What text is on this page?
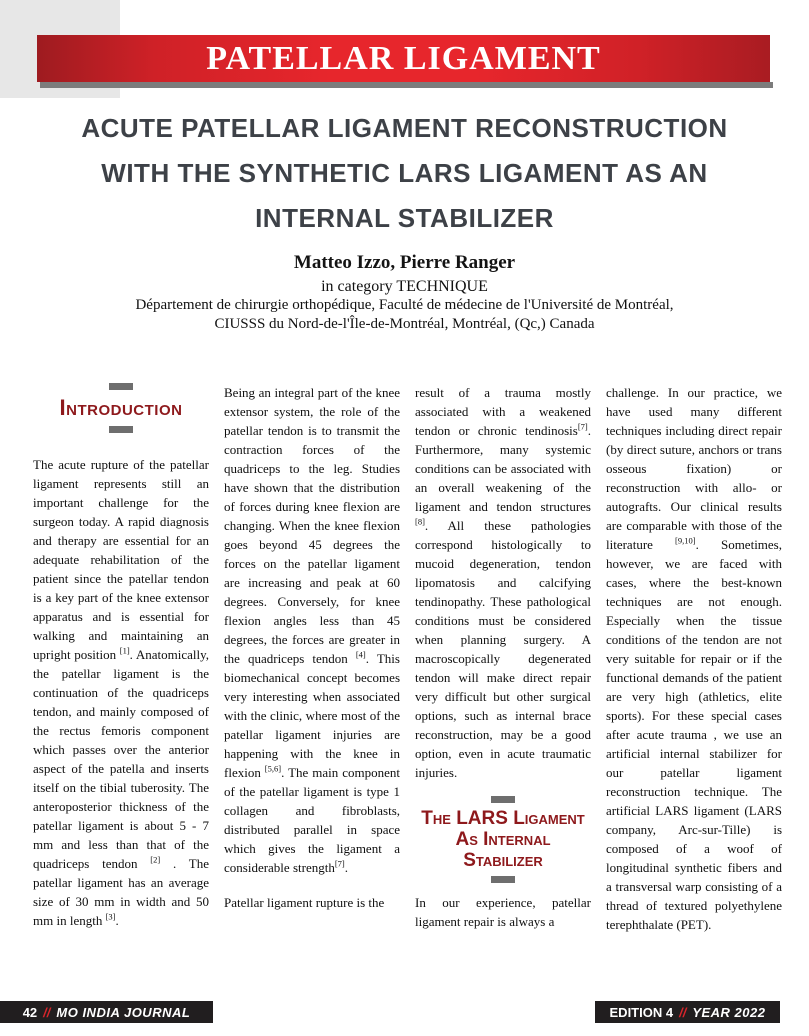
PATELLAR LIGAMENT
ACUTE PATELLAR LIGAMENT RECONSTRUCTION
WITH THE SYNTHETIC LARS LIGAMENT AS AN
INTERNAL STABILIZER
Matteo Izzo, Pierre Ranger
in category TECHNIQUE
Département de chirurgie orthopédique, Faculté de médecine de l'Université de Montréal,
CIUSSS du Nord-de-l'Île-de-Montréal, Montréal, (Qc,) Canada
Introduction

The acute rupture of the patellar ligament represents still an important challenge for the surgeon today. A rapid diagnosis and therapy are essential for an adequate rehabilitation of the patient since the patellar tendon is a key part of the knee extensor apparatus and is essential for walking and maintaining an upright position [1]. Anatomically, the patellar ligament is the continuation of the quadriceps tendon, and mainly composed of the rectus femoris component which passes over the anterior aspect of the patella and inserts itself on the tibial tuberosity. The anteroposterior thickness of the patellar ligament is about 5 - 7 mm and less than that of the quadriceps tendon [2] . The patellar ligament has an average size of 30 mm in width and 50 mm in length [3].

Being an integral part of the knee extensor system, the role of the patellar tendon is to transmit the contraction forces of the quadriceps to the leg. Studies have shown that the distribution of forces during knee flexion are changing. When the knee flexion goes beyond 45 degrees the forces on the patellar ligament are increasing and peak at 60 degrees. Conversely, for knee flexion angles less than 45 degrees, the forces are greater in the quadriceps tendon [4]. This biomechanical concept becomes very interesting when associated with the clinic, where most of the patellar ligament injuries are happening with the knee in flexion [5,6]. The main component of the patellar ligament is type 1 collagen and fibroblasts, distributed parallel in space which gives the ligament a considerable strength[7].

Patellar ligament rupture is the

result of a trauma mostly associated with a weakened tendon or chronic tendinosis[7]. Furthermore, many systemic conditions can be associated with an overall weakening of the ligament and tendon structures [8]. All these pathologies correspond histologically to mucoid degeneration, tendon lipomatosis and calcifying tendinopathy. These pathological conditions must be considered when planning surgery. A macroscopically degenerated tendon will make direct repair very difficult but other surgical options, such as internal brace reconstruction, may be a good option, even in acute traumatic injuries.

The LARS Ligament As Internal Stabilizer

In our experience, patellar ligament repair is always a

challenge. In our practice, we have used many different techniques including direct repair (by direct suture, anchors or trans osseous fixation) or reconstruction with allo- or autografts. Our clinical results are comparable with those of the literature [9,10]. Sometimes, however, we are faced with cases, where the best-known techniques are not enough. Especially when the tissue conditions of the tendon are not very suitable for repair or if the functional demands of the patient are very high (athletics, elite sports). For these special cases after acute trauma , we use an artificial internal stabilizer for our patellar ligament reconstruction technique. The artificial LARS ligament (LARS company, Arc-sur-Tille) is composed of a woof of longitudinal synthetic fibers and a transversal warp consisting of a thread of textured polyethylene terephthalate (PET).

42 // MO INDIA JOURNAL	EDITION 4 // YEAR 2022
